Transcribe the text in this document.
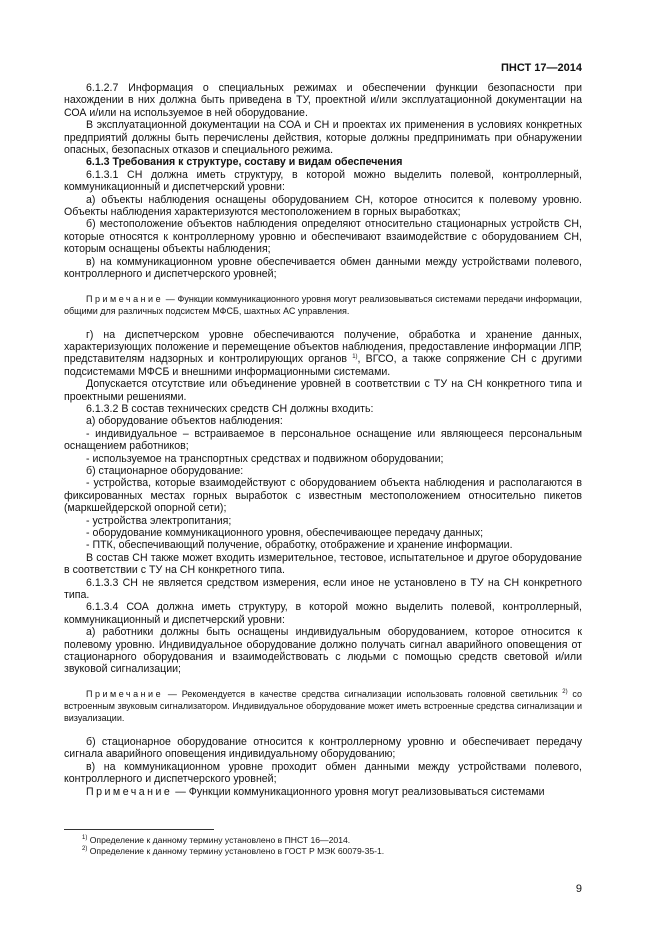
ПНСТ 17—2014

6.1.2.7 Информация о специальных режимах и обеспечении функции безопасности при нахождении в них должна быть приведена в ТУ, проектной и/или эксплуатационной документации на СОА и/или на используемое в ней оборудование.

В эксплуатационной документации на СОА и СН и проектах их применения в условиях конкретных предприятий должны быть перечислены действия, которые должны предпринимать при обнаружении опасных, безопасных отказов и специального режима.

6.1.3 Требования к структуре, составу и видам обеспечения

6.1.3.1 СН должна иметь структуру, в которой можно выделить полевой, контроллерный, коммуникационный и диспетчерский уровни:

а) объекты наблюдения оснащены оборудованием СН, которое относится к полевому уровню. Объекты наблюдения характеризуются местоположением в горных выработках;

б) местоположение объектов наблюдения определяют относительно стационарных устройств СН, которые относятся к контроллерному уровню и обеспечивают взаимодействие с оборудованием СН, которым оснащены объекты наблюдения;

в) на коммуникационном уровне обеспечивается обмен данными между устройствами полевого, контроллерного и диспетчерского уровней;

Примечание — Функции коммуникационного уровня могут реализовываться системами передачи информации, общими для различных подсистем МФСБ, шахтных АС управления.

г) на диспетчерском уровне обеспечиваются получение, обработка и хранение данных, характеризующих положение и перемещение объектов наблюдения, предоставление информации ЛПР, представителям надзорных и контролирующих органов $^{1)}$, ВГСО, а также сопряжение СН с другими подсистемами МФСБ и внешними информационными системами.

Допускается отсутствие или объединение уровней в соответствии с ТУ на СН конкретного типа и проектными решениями.

6.1.3.2 В состав технических средств СН должны входить:

а) оборудование объектов наблюдения:

- индивидуальное – встраиваемое в персональное оснащение или являющееся персональным оснащением работников;

- используемое на транспортных средствах и подвижном оборудовании;

б) стационарное оборудование:

- устройства, которые взаимодействуют с оборудованием объекта наблюдения и располагаются в фиксированных местах горных выработок с известным местоположением относительно пикетов (маркшейдерской опорной сети);

- устройства электропитания;

- оборудование коммуникационного уровня, обеспечивающее передачу данных;

- ПТК, обеспечивающий получение, обработку, отображение и хранение информации.

В состав СН также может входить измерительное, тестовое, испытательное и другое оборудование в соответствии с ТУ на СН конкретного типа.

6.1.3.3 СН не является средством измерения, если иное не установлено в ТУ на СН конкретного типа.

6.1.3.4 СОА должна иметь структуру, в которой можно выделить полевой, контроллерный, коммуникационный и диспетчерский уровни:

а) работники должны быть оснащены индивидуальным оборудованием, которое относится к полевому уровню. Индивидуальное оборудование должно получать сигнал аварийного оповещения от стационарного оборудования и взаимодействовать с людьми с помощью средств световой и/или звуковой сигнализации;

Примечание — Рекомендуется в качестве средства сигнализации использовать головной светильник $^{2)}$ со встроенным звуковым сигнализатором. Индивидуальное оборудование может иметь встроенные средства сигнализации и визуализации.

б) стационарное оборудование относится к контроллерному уровню и обеспечивает передачу сигнала аварийного оповещения индивидуальному оборудованию;

в) на коммуникационном уровне проходит обмен данными между устройствами полевого, контроллерного и диспетчерского уровней;

Примечание — Функции коммуникационного уровня могут реализовываться системами

$^{1)}$ Определение к данному термину установлено в ПНСТ 16—2014.
$^{2)}$ Определение к данному термину установлено в ГОСТ Р МЭК 60079-35-1.
9
